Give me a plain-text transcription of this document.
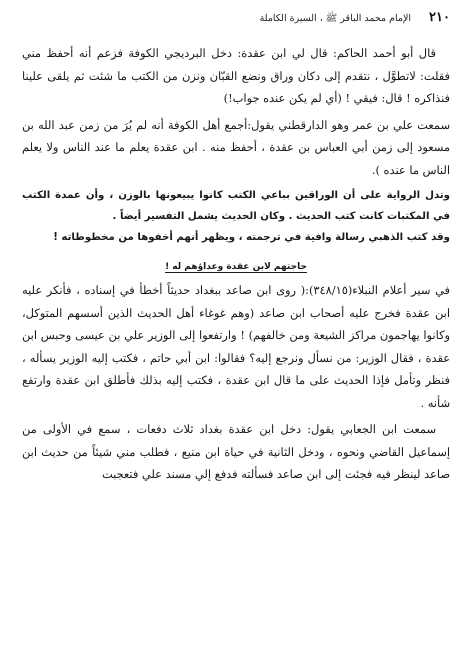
٢١٠
الإمام محمد الباقر ﷺ ، السيرة الكاملة

قال أبو أحمد الحاكم: قال لي ابن عقدة: دخل البرديجي الكوفة فزعم أنه أحفظ مني فقلت: لاتطوَّل ، نتقدم إلى دكان وراق ونضع القبّان ونزن من الكتب ما شئت ثم يلقى علينا فنذاكره ! قال: فيقي ! (أي لم يكن عنده جواب!)

سمعت علي بن عمر وهو الدارقطني يقول:أجمع أهل الكوفة أنه لم يُرَ من زمن عبد الله بن مسعود إلى زمن أبي العباس بن عقدة ، أحفظ منه . ابن عقدة يعلم ما عند الناس ولا يعلم الناس ما عنده ).

وتدل الرواية على أن الوراقين بباعي الكتب كانوا يبيعونها بالوزن ، وأن عمدة الكتب في المكتبات كانت كتب الحديث . وكان الحديث يشمل التفسير أيضاً .

وقد كتب الذهبي رسالة وافية في ترجمته ، ويظهر أنهم أخفوها من مخطوطاته !

حاجتهم لابن عقدة وعداؤهم له !

في سير أعلام النبلاء(٣٤٨/١٥):( روى ابن صاعد ببغداد حديثاً أخطأ في إسناده ، فأنكر عليه ابن عقدة فخرج عليه أصحاب ابن صاعد (وهم غوغاء أهل الحديث الذين أسسهم المتوكل، وكانوا يهاجمون مراكز الشيعة ومن خالفهم) ! وارتفعوا إلى الوزير علي بن عيسى وحبس ابن عقدة ، فقال الوزير: من نسأل ونرجع إليه؟ فقالوا: ابن أبي حاتم ، فكتب إليه الوزير يسأله ، فنظر وتأمل فإذا الحديث على ما قال ابن عقدة ، فكتب إليه بذلك فأطلق ابن عقدة وارتفع شأنه .

سمعت ابن الجعابي يقول: دخل ابن عقدة بغداد ثلاث دفعات ، سمع في الأولى من إسماعيل القاضي ونحوه ، ودخل الثانية في حياة ابن منيع ، فطلب مني شيئاً من حديث ابن صاعد لينظر فيه فجئت إلى ابن صاعد فسألته فدفع إلي مسند علي فتعجبت
